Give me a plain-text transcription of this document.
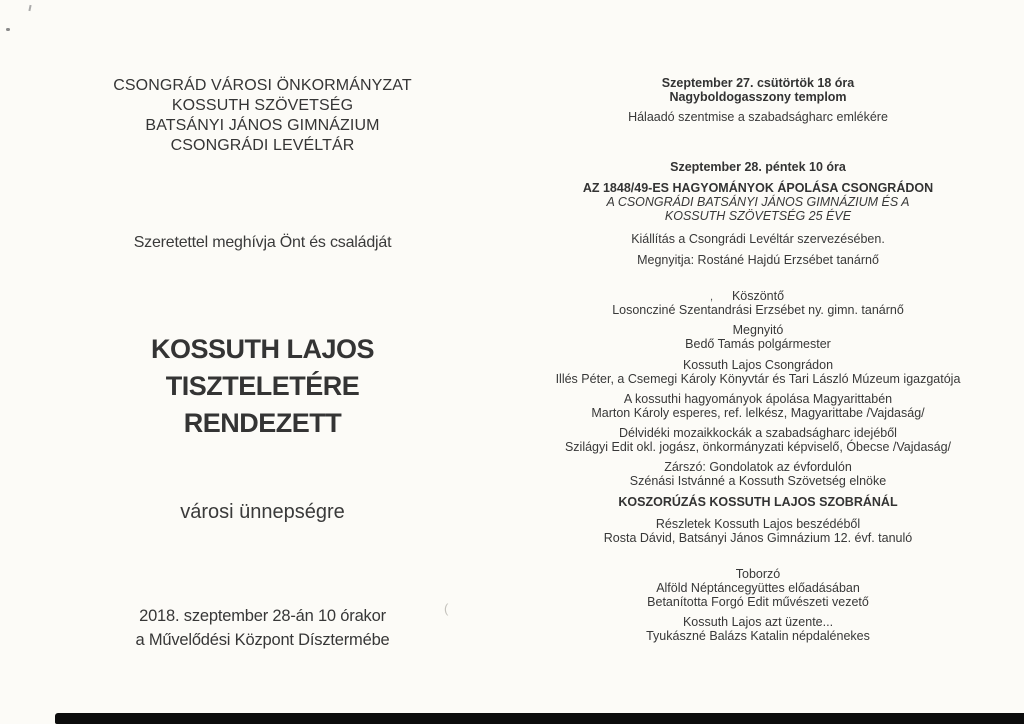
CSONGRÁD VÁROSI ÖNKORMÁNYZAT
KOSSUTH SZÖVETSÉG
BATSÁNYI JÁNOS GIMNÁZIUM
CSONGRÁDI LEVÉLTÁR
Szeretettel meghívja Önt és családját
KOSSUTH LAJOS
TISZTELETÉRE
RENDEZETT
városi ünnepségre
2018. szeptember 28-án 10 órakor
a Művelődési Központ Dísztermébe
Szeptember 27. csütörtök 18 óra
Nagyboldogasszony templom
Hálaadó szentmise a szabadságharc emlékére
Szeptember 28. péntek 10 óra
AZ 1848/49-ES HAGYOMÁNYOK ÁPOLÁSA CSONGRÁDON
A CSONGRÁDI BATSÁNYI JÁNOS GIMNÁZIUM ÉS A
KOSSUTH SZÖVETSÉG 25 ÉVE
Kiállítás a Csongrádi Levéltár szervezésében.
Megnyitja: Rostáné Hajdú Erzsébet tanárnő
Köszöntő
Losoncziné Szentandrási Erzsébet ny. gimn. tanárnő
Megnyitó
Bedő Tamás polgármester
Kossuth Lajos Csongrádon
Illés Péter, a Csemegi Károly Könyvtár és Tari László Múzeum igazgatója
A kossuthi hagyományok ápolása Magyarittabén
Marton Károly esperes, ref. lelkész, Magyarittabe /Vajdaság/
Délvidéki mozaikkockák a szabadságharc idejéből
Szilágyi Edit okl. jogász, önkormányzati képviselő, Óbecse /Vajdaság/
Zárszó: Gondolatok az évfordulón
Szénási Istvánné a Kossuth Szövetség elnöke
KOSZORÚZÁS KOSSUTH LAJOS SZOBRÁNÁL
Részletek Kossuth Lajos beszédéből
Rosta Dávid, Batsányi János Gimnázium 12. évf. tanuló
Toborzó
Alföld Néptáncegyüttes előadásában
Betanította Forgó Edit művészeti vezető
Kossuth Lajos azt üzente...
Tyukászné Balázs Katalin népdalénekes
,
(
